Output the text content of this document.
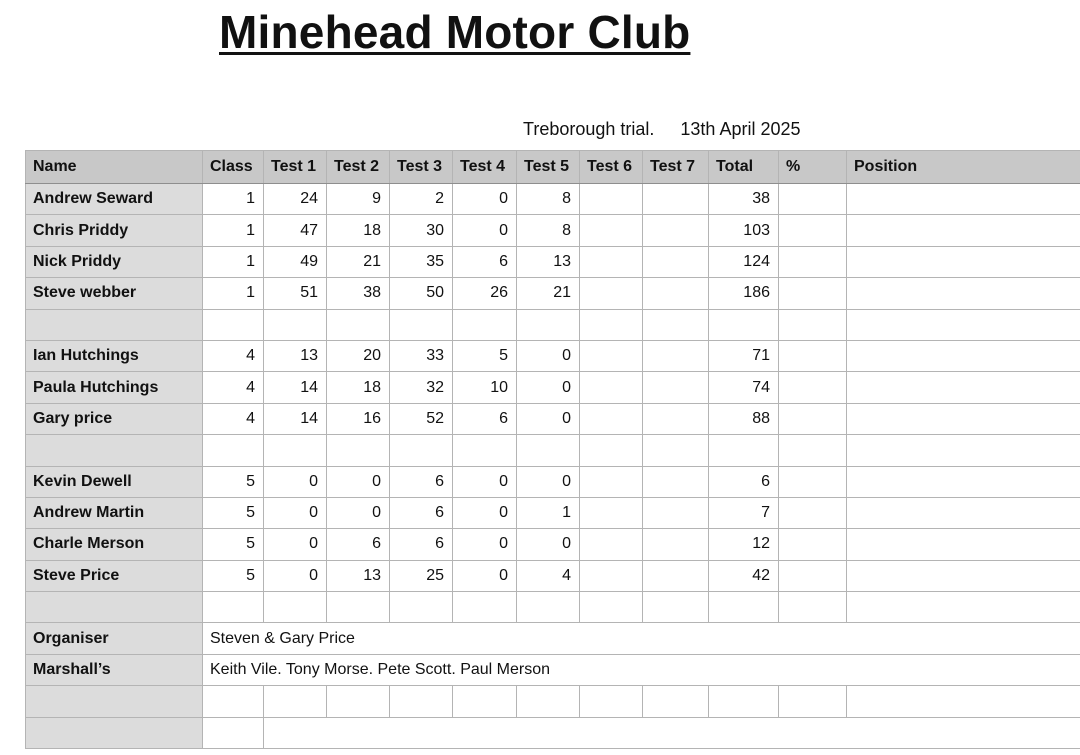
Minehead Motor Club
Treborough trial. 13th April 2025
Name	Class	Test 1	Test 2	Test 3	Test 4	Test 5	Test 6	Test 7	Total	%	Position
Andrew Seward	1	24	9	2	0	8			38		
Chris Priddy	1	47	18	30	0	8			103		
Nick Priddy	1	49	21	35	6	13			124		
Steve webber	1	51	38	50	26	21			186		

Ian Hutchings	4	13	20	33	5	0			71		
Paula Hutchings	4	14	18	32	10	0			74		
Gary price	4	14	16	52	6	0			88		

Kevin Dewell	5	0	0	6	0	0			6		
Andrew Martin	5	0	0	6	0	1			7		
Charle Merson	5	0	6	6	0	0			12		
Steve Price	5	0	13	25	0	4			42		

Organiser	Steven & Gary Price										
Marshall’s	Keith Vile. Tony Morse. Pete Scott. Paul Merson										
